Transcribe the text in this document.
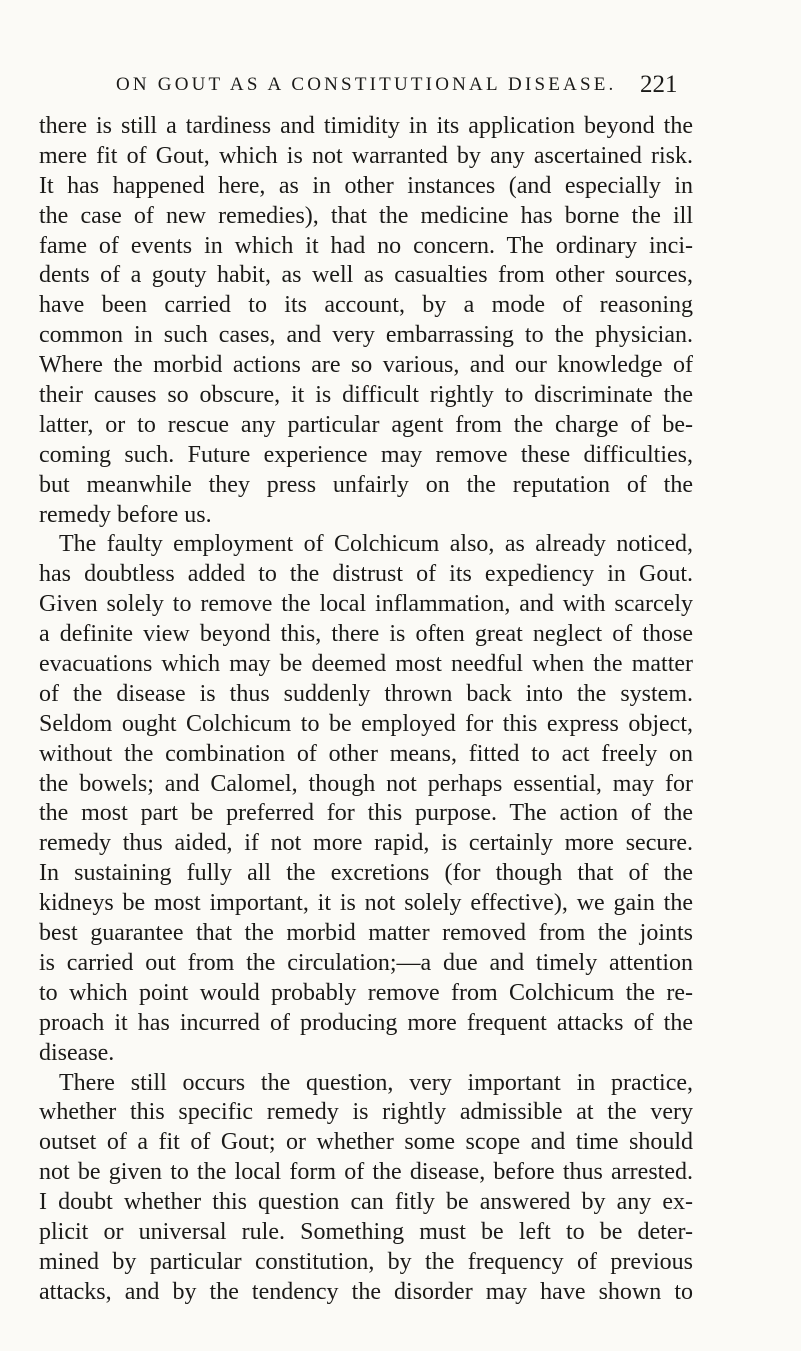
ON GOUT AS A CONSTITUTIONAL DISEASE. 221
there is still a tardiness and timidity in its application beyond the
mere fit of Gout, which is not warranted by any ascertained risk.
It has happened here, as in other instances (and especially in
the case of new remedies), that the medicine has borne the ill
fame of events in which it had no concern. The ordinary inci-
dents of a gouty habit, as well as casualties from other sources,
have been carried to its account, by a mode of reasoning
common in such cases, and very embarrassing to the physician.
Where the morbid actions are so various, and our knowledge of
their causes so obscure, it is difficult rightly to discriminate the
latter, or to rescue any particular agent from the charge of be-
coming such. Future experience may remove these difficulties,
but meanwhile they press unfairly on the reputation of the
remedy before us.
The faulty employment of Colchicum also, as already noticed,
has doubtless added to the distrust of its expediency in Gout.
Given solely to remove the local inflammation, and with scarcely
a definite view beyond this, there is often great neglect of those
evacuations which may be deemed most needful when the matter
of the disease is thus suddenly thrown back into the system.
Seldom ought Colchicum to be employed for this express object,
without the combination of other means, fitted to act freely on
the bowels; and Calomel, though not perhaps essential, may for
the most part be preferred for this purpose. The action of the
remedy thus aided, if not more rapid, is certainly more secure.
In sustaining fully all the excretions (for though that of the
kidneys be most important, it is not solely effective), we gain the
best guarantee that the morbid matter removed from the joints
is carried out from the circulation;—a due and timely attention
to which point would probably remove from Colchicum the re-
proach it has incurred of producing more frequent attacks of the
disease.
There still occurs the question, very important in practice,
whether this specific remedy is rightly admissible at the very
outset of a fit of Gout; or whether some scope and time should
not be given to the local form of the disease, before thus arrested.
I doubt whether this question can fitly be answered by any ex-
plicit or universal rule. Something must be left to be deter-
mined by particular constitution, by the frequency of previous
attacks, and by the tendency the disorder may have shown to
